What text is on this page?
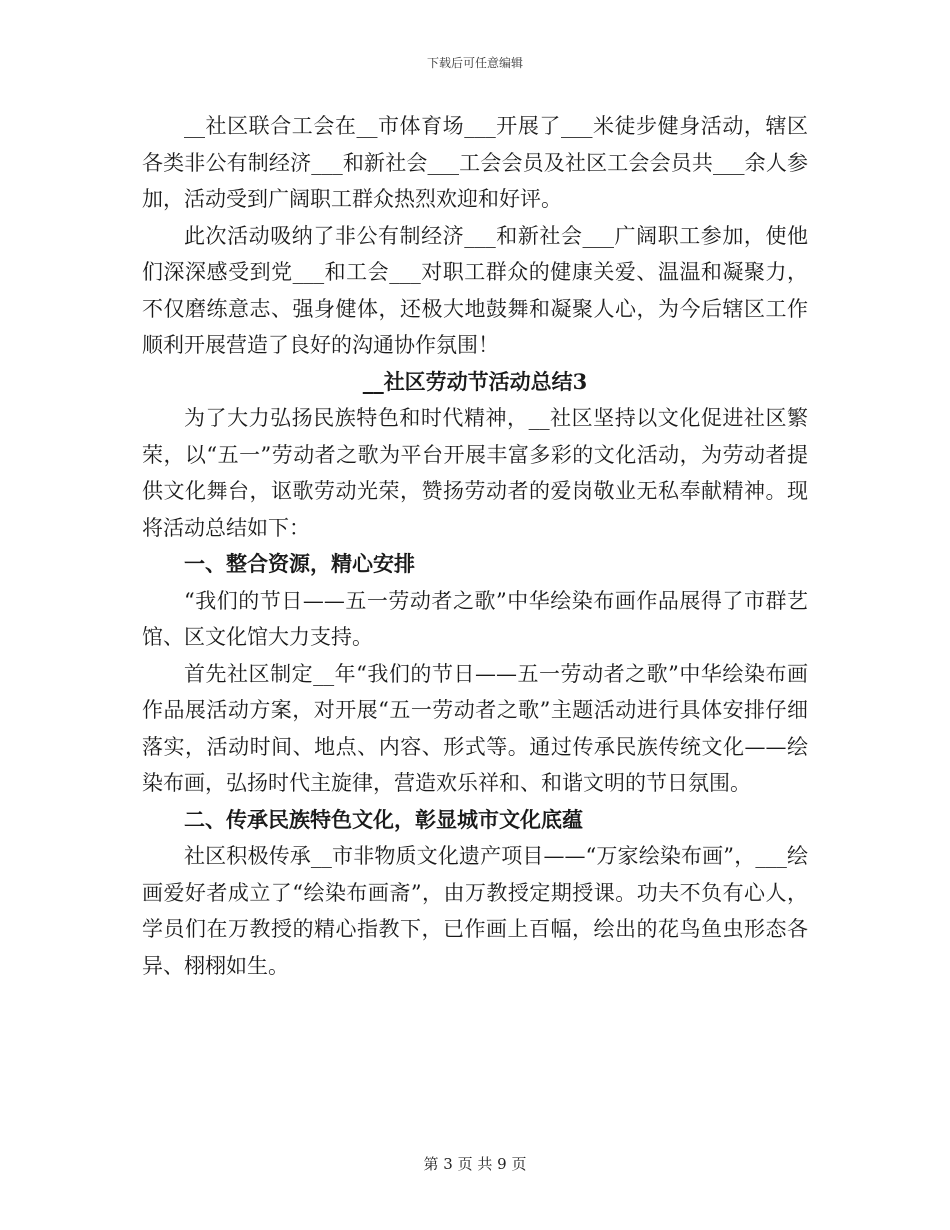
下载后可任意编辑

__社区联合工会在__市体育场___开展了___米徒步健身活动，辖区各类非公有制经济___和新社会___工会会员及社区工会会员共___余人参加，活动受到广阔职工群众热烈欢迎和好评。

此次活动吸纳了非公有制经济___和新社会___广阔职工参加，使他们深深感受到党___和工会___对职工群众的健康关爱、温温和凝聚力，不仅磨练意志、强身健体，还极大地鼓舞和凝聚人心，为今后辖区工作顺利开展营造了良好的沟通协作氛围！

__社区劳动节活动总结3

为了大力弘扬民族特色和时代精神，__社区坚持以文化促进社区繁荣，以“五一”劳动者之歌为平台开展丰富多彩的文化活动，为劳动者提供文化舞台，讴歌劳动光荣，赞扬劳动者的爱岗敬业无私奉献精神。现将活动总结如下：

一、整合资源，精心安排

“我们的节日——五一劳动者之歌”中华绘染布画作品展得了市群艺馆、区文化馆大力支持。

首先社区制定__年“我们的节日——五一劳动者之歌”中华绘染布画作品展活动方案，对开展“五一劳动者之歌”主题活动进行具体安排仔细落实，活动时间、地点、内容、形式等。通过传承民族传统文化——绘染布画，弘扬时代主旋律，营造欢乐祥和、和谐文明的节日氛围。

二、传承民族特色文化，彰显城市文化底蕴

社区积极传承__市非物质文化遗产项目——“万家绘染布画”，___绘画爱好者成立了“绘染布画斋”，由万教授定期授课。功夫不负有心人，学员们在万教授的精心指教下，已作画上百幅，绘出的花鸟鱼虫形态各异、栩栩如生。

第 3 页 共 9 页
